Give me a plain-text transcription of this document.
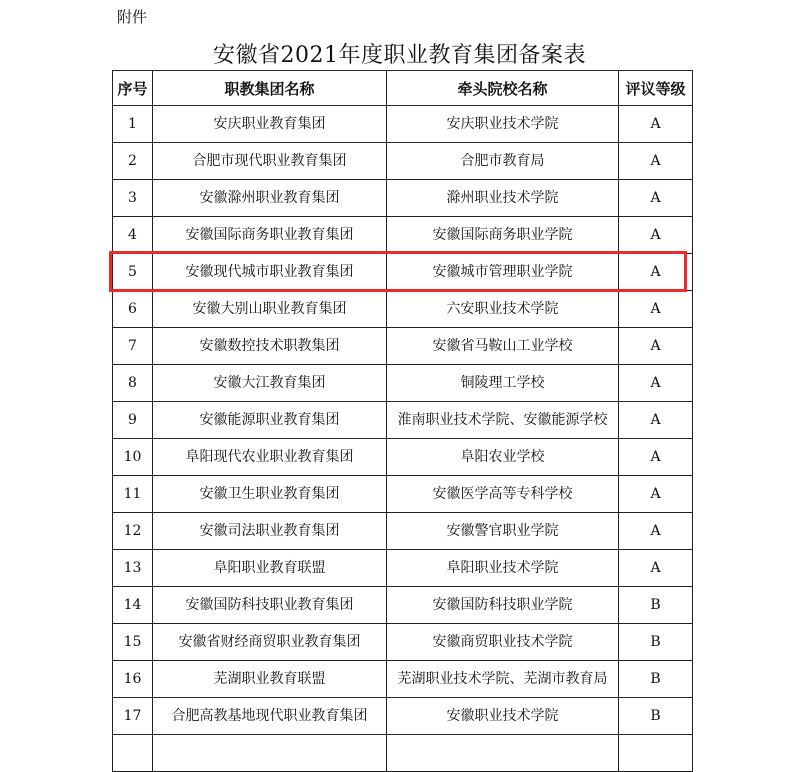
附件
安徽省2021年度职业教育集团备案表
序号	职教集团名称	牵头院校名称	评议等级
1	安庆职业教育集团	安庆职业技术学院	A
2	合肥市现代职业教育集团	合肥市教育局	A
3	安徽滁州职业教育集团	滁州职业技术学院	A
4	安徽国际商务职业教育集团	安徽国际商务职业学院	A
5	安徽现代城市职业教育集团	安徽城市管理职业学院	A
6	安徽大别山职业教育集团	六安职业技术学院	A
7	安徽数控技术职教集团	安徽省马鞍山工业学校	A
8	安徽大江教育集团	铜陵理工学校	A
9	安徽能源职业教育集团	淮南职业技术学院、安徽能源学校	A
10	阜阳现代农业职业教育集团	阜阳农业学校	A
11	安徽卫生职业教育集团	安徽医学高等专科学校	A
12	安徽司法职业教育集团	安徽警官职业学院	A
13	阜阳职业教育联盟	阜阳职业技术学院	A
14	安徽国防科技职业教育集团	安徽国防科技职业学院	B
15	安徽省财经商贸职业教育集团	安徽商贸职业技术学院	B
16	芜湖职业教育联盟	芜湖职业技术学院、芜湖市教育局	B
17	合肥高教基地现代职业教育集团	安徽职业技术学院	B
